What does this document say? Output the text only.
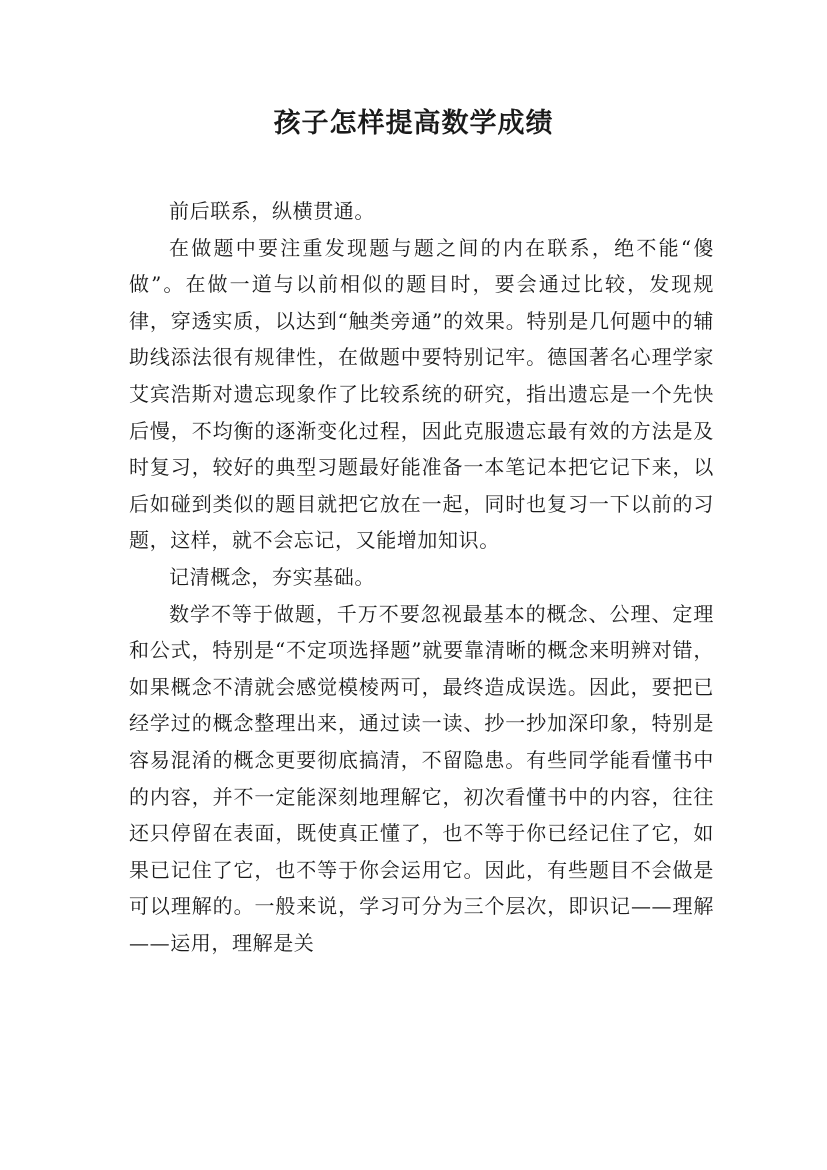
孩子怎样提高数学成绩

前后联系，纵横贯通。

在做题中要注重发现题与题之间的内在联系，绝不能“傻做”。在做一道与以前相似的题目时，要会通过比较，发现规律，穿透实质，以达到“触类旁通”的效果。特别是几何题中的辅助线添法很有规律性，在做题中要特别记牢。德国著名心理学家艾宾浩斯对遗忘现象作了比较系统的研究，指出遗忘是一个先快后慢，不均衡的逐渐变化过程，因此克服遗忘最有效的方法是及时复习，较好的典型习题最好能准备一本笔记本把它记下来，以后如碰到类似的题目就把它放在一起，同时也复习一下以前的习题，这样，就不会忘记，又能增加知识。

记清概念，夯实基础。

数学不等于做题，千万不要忽视最基本的概念、公理、定理和公式，特别是“不定项选择题”就要靠清晰的概念来明辨对错，如果概念不清就会感觉模棱两可，最终造成误选。因此，要把已经学过的概念整理出来，通过读一读、抄一抄加深印象，特别是容易混淆的概念更要彻底搞清，不留隐患。有些同学能看懂书中的内容，并不一定能深刻地理解它，初次看懂书中的内容，往往还只停留在表面，既使真正懂了，也不等于你已经记住了它，如果已记住了它，也不等于你会运用它。因此，有些题目不会做是可以理解的。一般来说，学习可分为三个层次，即识记——理解——运用，理解是关
